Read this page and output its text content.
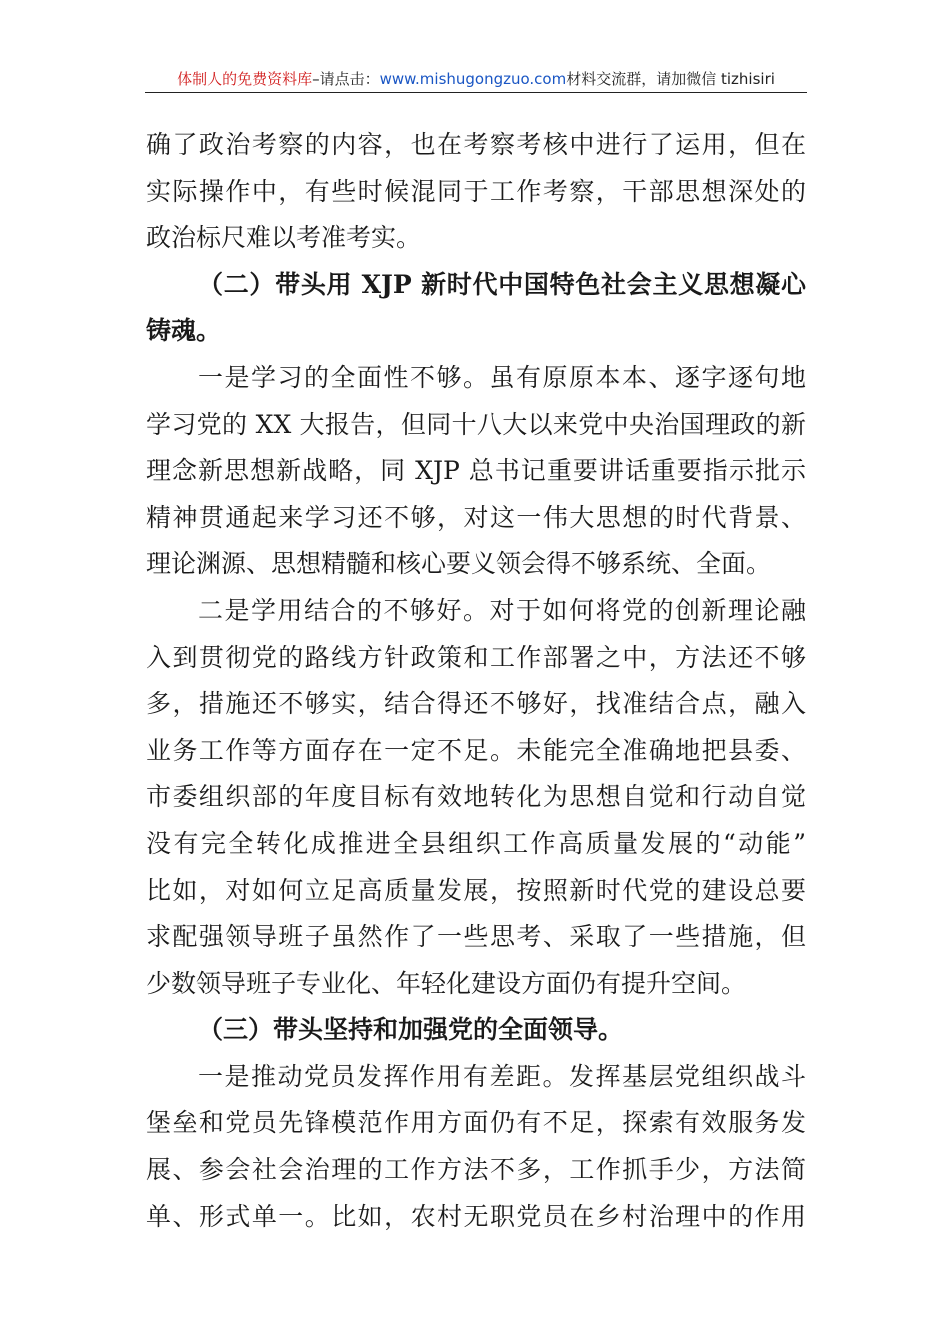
体制人的免费资料库–请点击：www.mishugongzuo.com材料交流群，请加微信 tizhisiri
确了政治考察的内容，也在考察考核中进行了运用，但在
实际操作中，有些时候混同于工作考察，干部思想深处的
政治标尺难以考准考实。
（二）带头用 XJP 新时代中国特色社会主义思想凝心
铸魂。
一是学习的全面性不够。虽有原原本本、逐字逐句地
学习党的 XX 大报告，但同十八大以来党中央治国理政的新
理念新思想新战略，同 XJP 总书记重要讲话重要指示批示
精神贯通起来学习还不够，对这一伟大思想的时代背景、
理论渊源、思想精髓和核心要义领会得不够系统、全面。
二是学用结合的不够好。对于如何将党的创新理论融
入到贯彻党的路线方针政策和工作部署之中，方法还不够
多，措施还不够实，结合得还不够好，找准结合点，融入
业务工作等方面存在一定不足。未能完全准确地把县委、
市委组织部的年度目标有效地转化为思想自觉和行动自觉
没有完全转化成推进全县组织工作高质量发展的“动能”
比如，对如何立足高质量发展，按照新时代党的建设总要
求配强领导班子虽然作了一些思考、采取了一些措施，但
少数领导班子专业化、年轻化建设方面仍有提升空间。
（三）带头坚持和加强党的全面领导。
一是推动党员发挥作用有差距。发挥基层党组织战斗
堡垒和党员先锋模范作用方面仍有不足，探索有效服务发
展、参会社会治理的工作方法不多，工作抓手少，方法简
单、形式单一。比如，农村无职党员在乡村治理中的作用
